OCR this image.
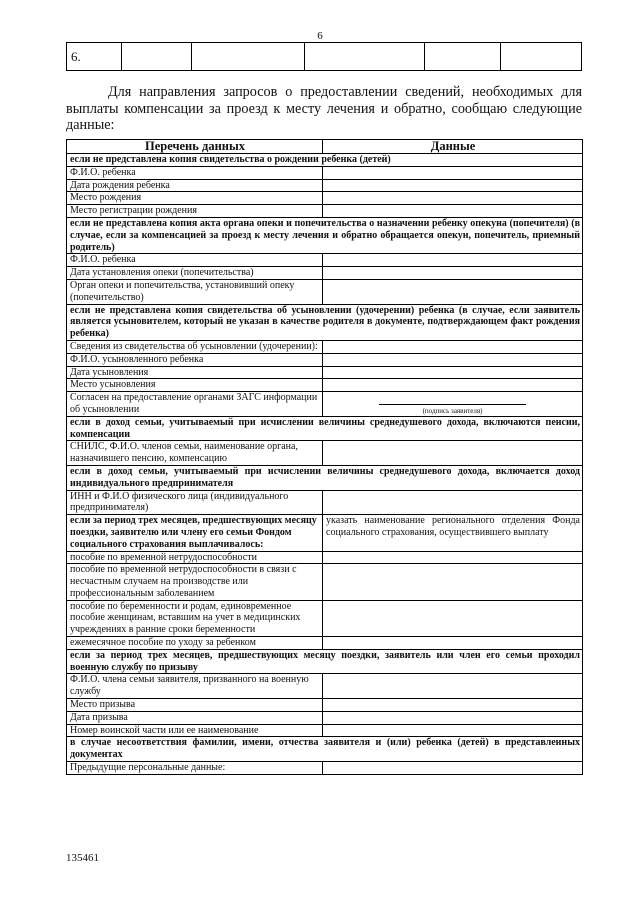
6
6.					

Для направления запросов о предоставлении сведений, необходимых для выплаты компенсации за проезд к месту лечения и обратно, сообщаю следующие данные:

Перечень данных	Данные
если не представлена копия свидетельства о рождении ребенка (детей)	
Ф.И.О. ребенка	
Дата рождения ребенка	
Место рождения	
Место регистрации рождения	
если не представлена копия акта органа опеки и попечительства о назначении ребенку опекуна (попечителя) (в случае, если за компенсацией за проезд к месту лечения и обратно обращается опекун, попечитель, приемный родитель)	
Ф.И.О. ребенка	
Дата установления опеки (попечительства)	
Орган опеки и попечительства, установивший опеку (попечительство)	
если не представлена копия свидетельства об усыновлении (удочерении) ребенка (в случае, если заявитель является усыновителем, который не указан в качестве родителя в документе, подтверждающем факт рождения ребенка)	
Сведения из свидетельства об усыновлении (удочерении):	
Ф.И.О. усыновленного ребенка	
Дата усыновления	
Место усыновления	
Согласен на предоставление органами ЗАГС информации об усыновлении	(подпись заявителя)

если в доход семьи, учитываемый при исчислении величины среднедушевого дохода, включаются пенсии, компенсации	
СНИЛС, Ф.И.О. членов семьи, наименование органа, назначившего пенсию, компенсацию	
если в доход семьи, учитываемый при исчислении величины среднедушевого дохода, включается доход индивидуального предпринимателя	
ИНН и Ф.И.О физического лица (индивидуального предпринимателя)	
если за период трех месяцев, предшествующих месяцу поездки, заявителю или члену его семьи Фондом социального страхования выплачивалось:	указать наименование регионального отделения Фонда социального страхования, осуществившего выплату
пособие по временной нетрудоспособности	
пособие по временной нетрудоспособности в связи с несчастным случаем на производстве или профессиональным заболеванием	
пособие по беременности и родам, единовременное пособие женщинам, вставшим на учет в медицинских учреждениях в ранние сроки беременности	
ежемесячное пособие по уходу за ребенком	
если за период трех месяцев, предшествующих месяцу поездки, заявитель или член его семьи проходил военную службу по призыву	
Ф.И.О. члена семьи заявителя, призванного на военную службу	
Место призыва	
Дата призыва	
Номер воинской части или ее наименование	
в случае несоответствия фамилии, имени, отчества заявителя и (или) ребенка (детей) в представленных документах	
Предыдущие персональные данные:	
135461
